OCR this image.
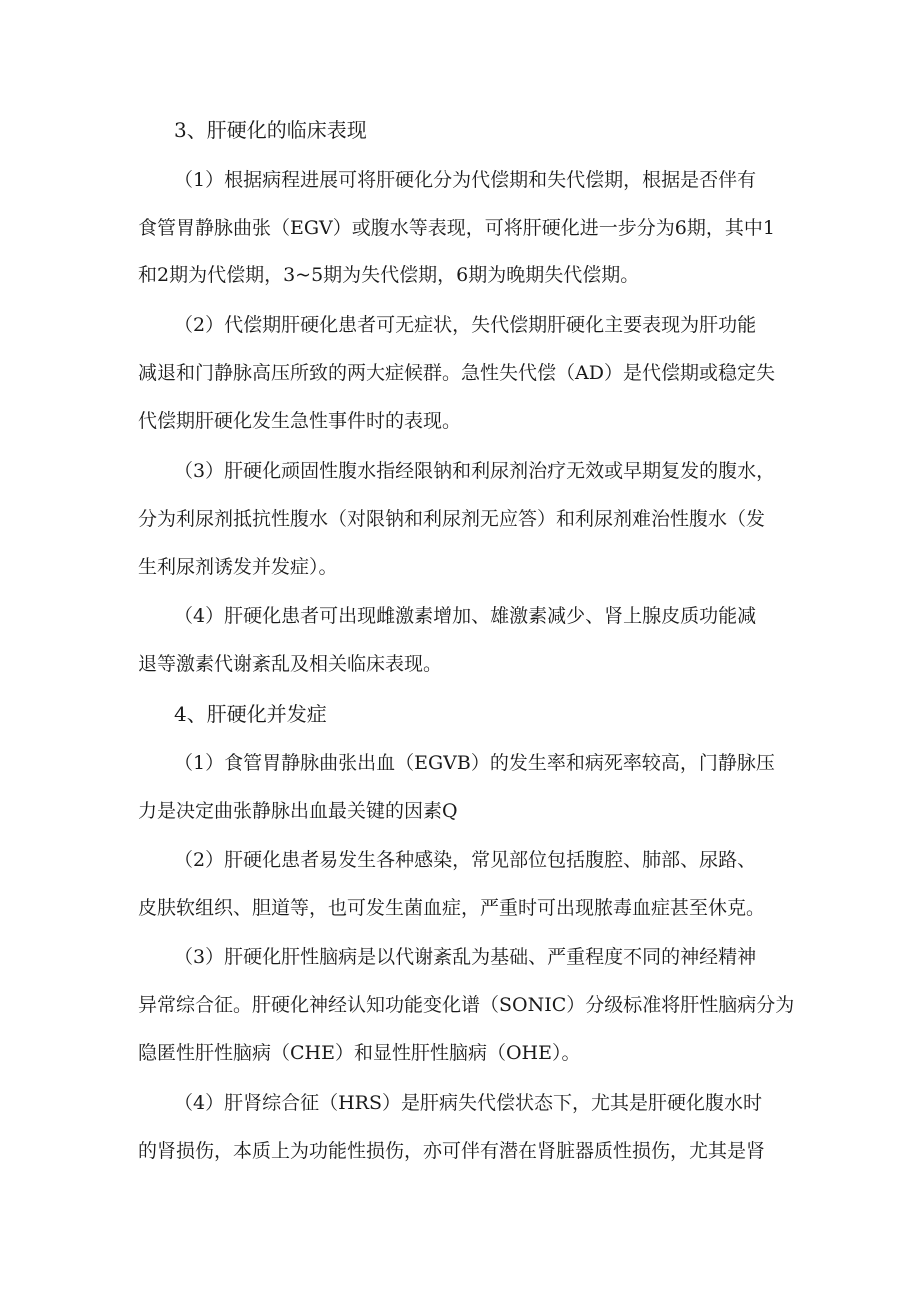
3、肝硬化的临床表现
（1）根据病程进展可将肝硬化分为代偿期和失代偿期，根据是否伴有
食管胃静脉曲张（EGV）或腹水等表现，可将肝硬化进一步分为6期，其中1
和2期为代偿期，3~5期为失代偿期，6期为晚期失代偿期。
（2）代偿期肝硬化患者可无症状，失代偿期肝硬化主要表现为肝功能
减退和门静脉高压所致的两大症候群。急性失代偿（AD）是代偿期或稳定失
代偿期肝硬化发生急性事件时的表现。
（3）肝硬化顽固性腹水指经限钠和利尿剂治疗无效或早期复发的腹水，
分为利尿剂抵抗性腹水（对限钠和利尿剂无应答）和利尿剂难治性腹水（发
生利尿剂诱发并发症）。
（4）肝硬化患者可出现雌激素增加、雄激素减少、肾上腺皮质功能减
退等激素代谢紊乱及相关临床表现。
4、肝硬化并发症
（1）食管胃静脉曲张出血（EGVB）的发生率和病死率较高，门静脉压
力是决定曲张静脉出血最关键的因素Q
（2）肝硬化患者易发生各种感染，常见部位包括腹腔、肺部、尿路、
皮肤软组织、胆道等，也可发生菌血症，严重时可出现脓毒血症甚至休克。
（3）肝硬化肝性脑病是以代谢紊乱为基础、严重程度不同的神经精神
异常综合征。肝硬化神经认知功能变化谱（SONIC）分级标准将肝性脑病分为
隐匿性肝性脑病（CHE）和显性肝性脑病（OHE）。
（4）肝肾综合征（HRS）是肝病失代偿状态下，尤其是肝硬化腹水时
的肾损伤，本质上为功能性损伤，亦可伴有潜在肾脏器质性损伤，尤其是肾
